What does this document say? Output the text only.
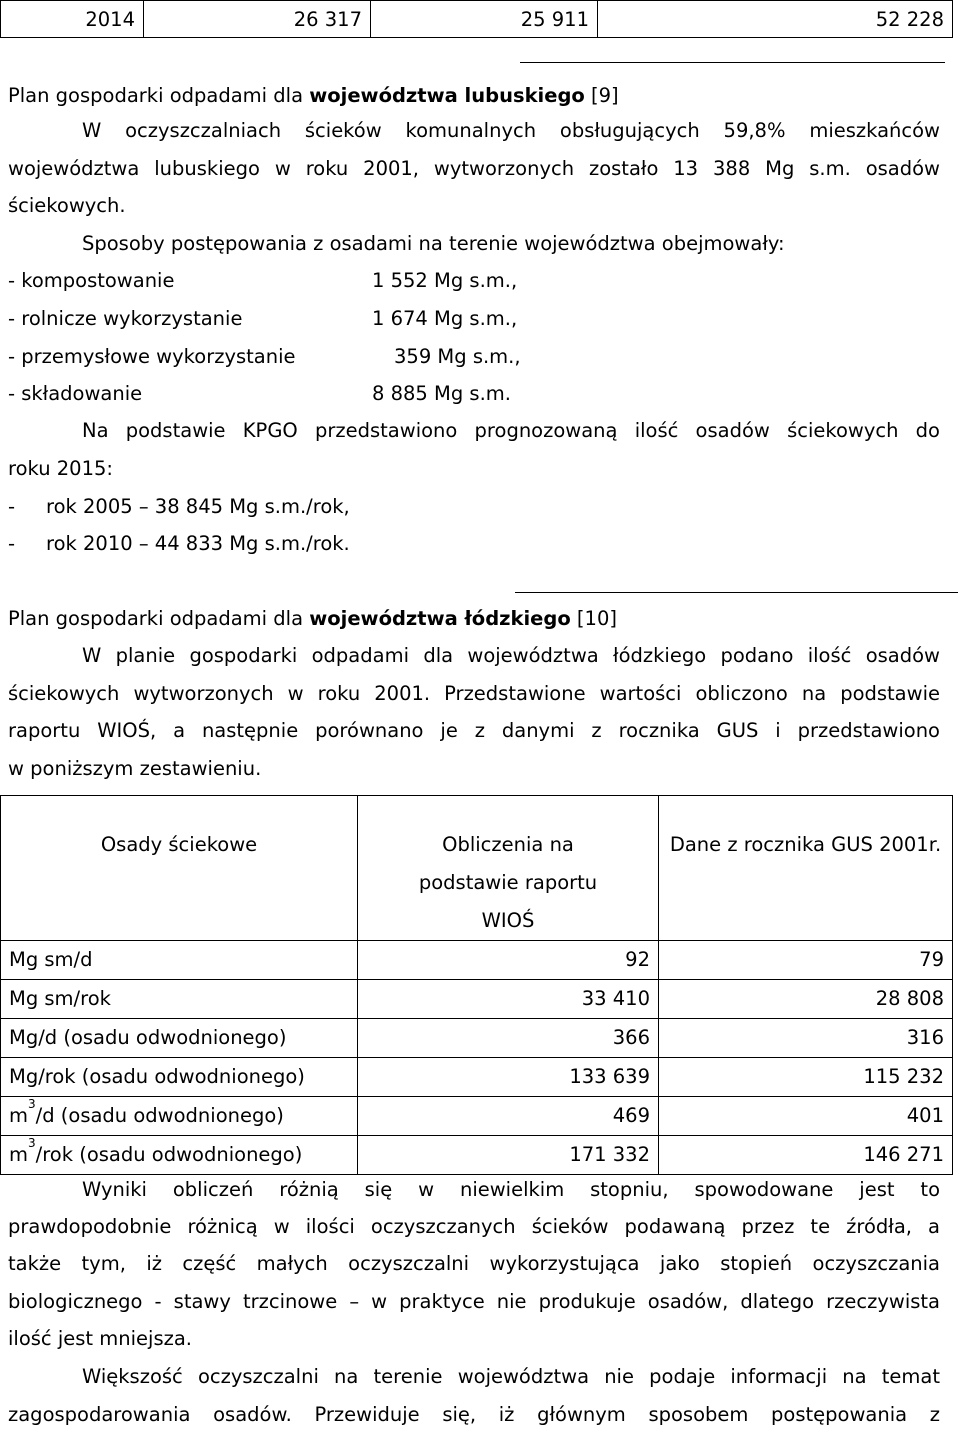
2014	26 317	25 911	52 228
Plan gospodarki odpadami dla województwa lubuskiego [9]
W oczyszczalniach ścieków komunalnych obsługujących 59,8% mieszkańców
województwa lubuskiego w roku 2001, wytworzonych zostało 13 388 Mg s.m. osadów
ściekowych.
Sposoby postępowania z osadami na terenie województwa obejmowały:
- kompostowanie	1 552 Mg s.m.,
- rolnicze wykorzystanie	1 674 Mg s.m.,
- przemysłowe wykorzystanie	359 Mg s.m.,
- składowanie	8 885 Mg s.m.
Na podstawie KPGO przedstawiono prognozowaną ilość osadów ściekowych do
roku 2015:
- rok 2005 – 38 845 Mg s.m./rok,
- rok 2010 – 44 833 Mg s.m./rok.
Plan gospodarki odpadami dla województwa łódzkiego [10]
W planie gospodarki odpadami dla województwa łódzkiego podano ilość osadów
ściekowych wytworzonych w roku 2001. Przedstawione wartości obliczono na podstawie
raportu WIOŚ, a następnie porównano je z danymi z rocznika GUS i przedstawiono
w poniższym zestawieniu.
Osady ściekowe	Obliczenia na podstawie raportu WIOŚ	Dane z rocznika GUS 2001r.
Mg sm/d	92	79
Mg sm/rok	33 410	28 808
Mg/d (osadu odwodnionego)	366	316
Mg/rok (osadu odwodnionego)	133 639	115 232
$m^3/d$ (osadu odwodnionego)	469	401
$m^3$/rok (osadu odwodnionego)	171 332	146 271
Wyniki obliczeń różnią się w niewielkim stopniu, spowodowane jest to
prawdopodobnie różnicą w ilości oczyszczanych ścieków podawaną przez te źródła, a
także tym, iż część małych oczyszczalni wykorzystująca jako stopień oczyszczania
biologicznego - stawy trzcinowe – w praktyce nie produkuje osadów, dlatego rzeczywista
ilość jest mniejsza.
Większość oczyszczalni na terenie województwa nie podaje informacji na temat
zagospodarowania osadów. Przewiduje się, iż głównym sposobem postępowania z
